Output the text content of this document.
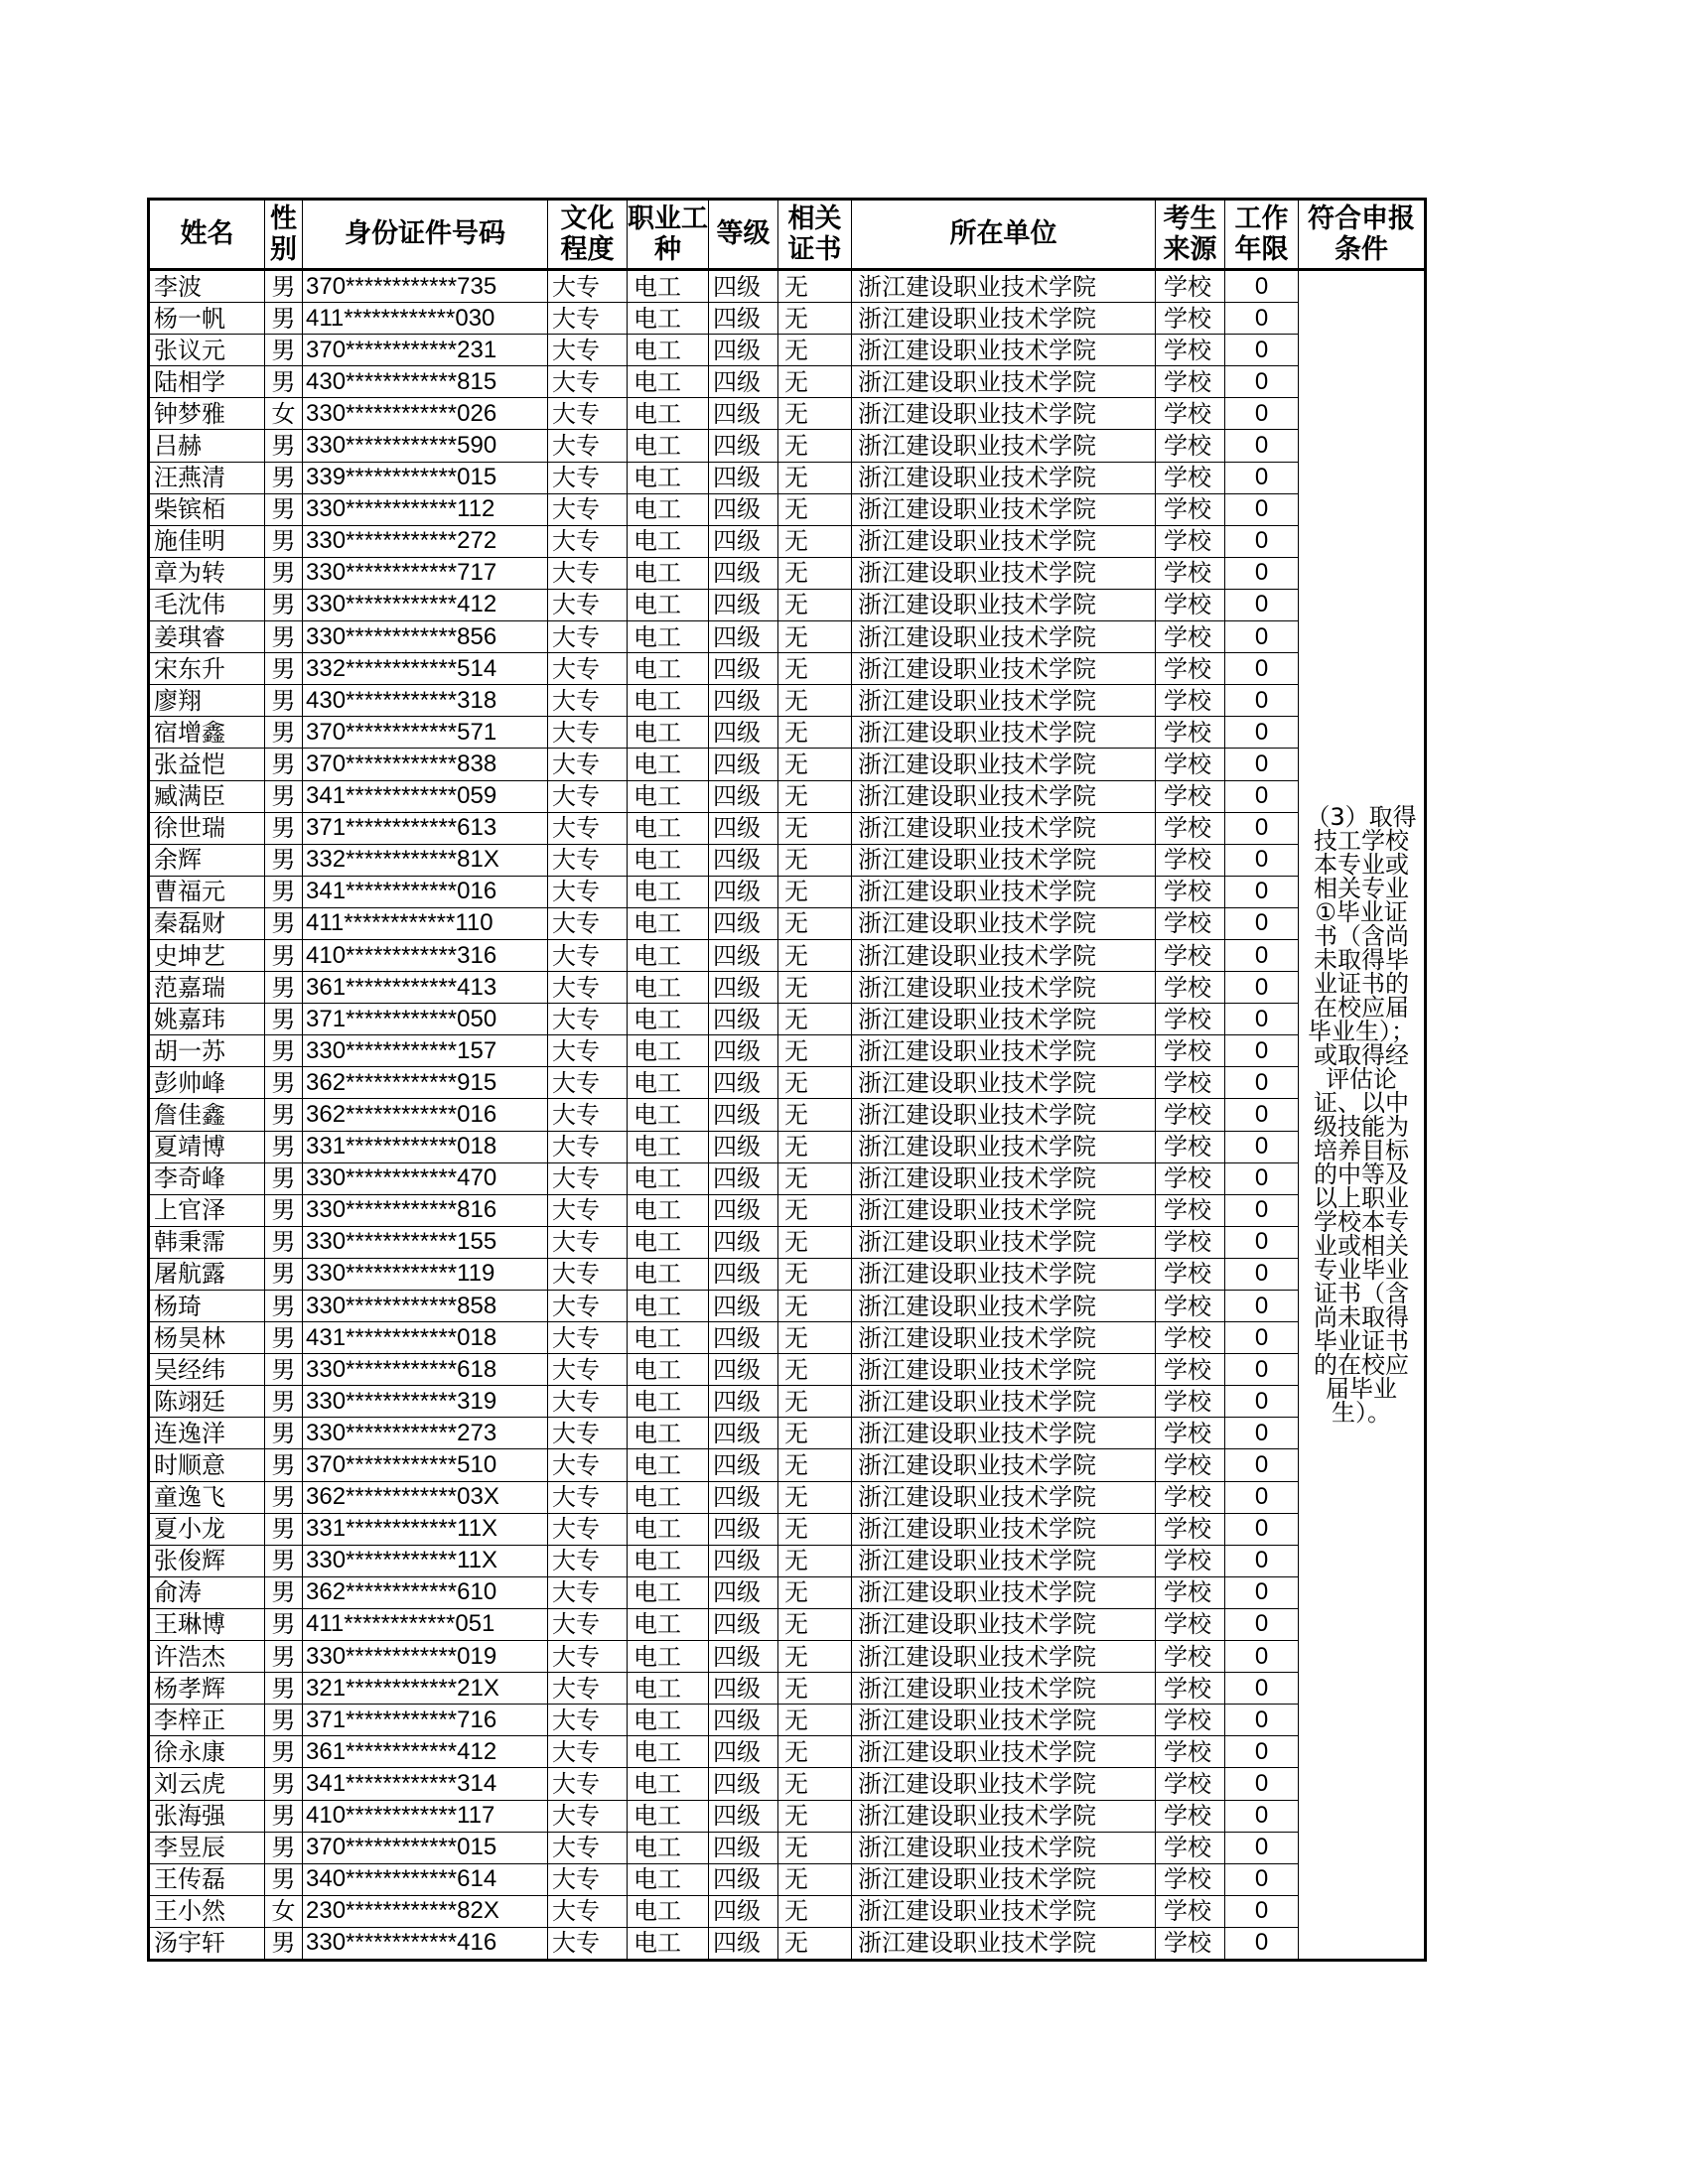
姓名	性别	身份证件号码	文化程度	职业工种	等级	相关证书	所在单位	考生来源	工作年限	符合申报条件
李波	男	370************735	大专	电工	四级	无	浙江建设职业技术学院	学校	0	（3）取得技工学校本专业或相关专业①毕业证书（含尚未取得毕业证书的在校应届毕业生）；或取得经评估论证、以中级技能为培养目标的中等及以上职业学校本专业或相关专业毕业证书（含尚未取得毕业证书的在校应届毕业生）。
杨一帆	男	411************030	大专	电工	四级	无	浙江建设职业技术学院	学校	0	
张议元	男	370************231	大专	电工	四级	无	浙江建设职业技术学院	学校	0	
陆相学	男	430************815	大专	电工	四级	无	浙江建设职业技术学院	学校	0	
钟梦雅	女	330************026	大专	电工	四级	无	浙江建设职业技术学院	学校	0	
吕赫	男	330************590	大专	电工	四级	无	浙江建设职业技术学院	学校	0	
汪燕清	男	339************015	大专	电工	四级	无	浙江建设职业技术学院	学校	0	
柴镔栢	男	330************112	大专	电工	四级	无	浙江建设职业技术学院	学校	0	
施佳明	男	330************272	大专	电工	四级	无	浙江建设职业技术学院	学校	0	
章为转	男	330************717	大专	电工	四级	无	浙江建设职业技术学院	学校	0	
毛沈伟	男	330************412	大专	电工	四级	无	浙江建设职业技术学院	学校	0	
姜琪睿	男	330************856	大专	电工	四级	无	浙江建设职业技术学院	学校	0	
宋东升	男	332************514	大专	电工	四级	无	浙江建设职业技术学院	学校	0	
廖翔	男	430************318	大专	电工	四级	无	浙江建设职业技术学院	学校	0	
宿增鑫	男	370************571	大专	电工	四级	无	浙江建设职业技术学院	学校	0	
张益恺	男	370************838	大专	电工	四级	无	浙江建设职业技术学院	学校	0	
臧满臣	男	341************059	大专	电工	四级	无	浙江建设职业技术学院	学校	0	
徐世瑞	男	371************613	大专	电工	四级	无	浙江建设职业技术学院	学校	0	
余辉	男	332************81X	大专	电工	四级	无	浙江建设职业技术学院	学校	0	
曹福元	男	341************016	大专	电工	四级	无	浙江建设职业技术学院	学校	0	
秦磊财	男	411************110	大专	电工	四级	无	浙江建设职业技术学院	学校	0	
史坤艺	男	410************316	大专	电工	四级	无	浙江建设职业技术学院	学校	0	
范嘉瑞	男	361************413	大专	电工	四级	无	浙江建设职业技术学院	学校	0	
姚嘉玮	男	371************050	大专	电工	四级	无	浙江建设职业技术学院	学校	0	
胡一苏	男	330************157	大专	电工	四级	无	浙江建设职业技术学院	学校	0	
彭帅峰	男	362************915	大专	电工	四级	无	浙江建设职业技术学院	学校	0	
詹佳鑫	男	362************016	大专	电工	四级	无	浙江建设职业技术学院	学校	0	
夏靖博	男	331************018	大专	电工	四级	无	浙江建设职业技术学院	学校	0	
李奇峰	男	330************470	大专	电工	四级	无	浙江建设职业技术学院	学校	0	
上官泽	男	330************816	大专	电工	四级	无	浙江建设职业技术学院	学校	0	
韩秉霈	男	330************155	大专	电工	四级	无	浙江建设职业技术学院	学校	0	
屠航露	男	330************119	大专	电工	四级	无	浙江建设职业技术学院	学校	0	
杨琦	男	330************858	大专	电工	四级	无	浙江建设职业技术学院	学校	0	
杨昊林	男	431************018	大专	电工	四级	无	浙江建设职业技术学院	学校	0	
吴经纬	男	330************618	大专	电工	四级	无	浙江建设职业技术学院	学校	0	
陈翊廷	男	330************319	大专	电工	四级	无	浙江建设职业技术学院	学校	0	
连逸洋	男	330************273	大专	电工	四级	无	浙江建设职业技术学院	学校	0	
时顺意	男	370************510	大专	电工	四级	无	浙江建设职业技术学院	学校	0	
童逸飞	男	362************03X	大专	电工	四级	无	浙江建设职业技术学院	学校	0	
夏小龙	男	331************11X	大专	电工	四级	无	浙江建设职业技术学院	学校	0	
张俊辉	男	330************11X	大专	电工	四级	无	浙江建设职业技术学院	学校	0	
俞涛	男	362************610	大专	电工	四级	无	浙江建设职业技术学院	学校	0	
王琳博	男	411************051	大专	电工	四级	无	浙江建设职业技术学院	学校	0	
许浩杰	男	330************019	大专	电工	四级	无	浙江建设职业技术学院	学校	0	
杨孝辉	男	321************21X	大专	电工	四级	无	浙江建设职业技术学院	学校	0	
李梓正	男	371************716	大专	电工	四级	无	浙江建设职业技术学院	学校	0	
徐永康	男	361************412	大专	电工	四级	无	浙江建设职业技术学院	学校	0	
刘云虎	男	341************314	大专	电工	四级	无	浙江建设职业技术学院	学校	0	
张海强	男	410************117	大专	电工	四级	无	浙江建设职业技术学院	学校	0	
李昱辰	男	370************015	大专	电工	四级	无	浙江建设职业技术学院	学校	0	
王传磊	男	340************614	大专	电工	四级	无	浙江建设职业技术学院	学校	0	
王小然	女	230************82X	大专	电工	四级	无	浙江建设职业技术学院	学校	0	
汤宇轩	男	330************416	大专	电工	四级	无	浙江建设职业技术学院	学校	0	
